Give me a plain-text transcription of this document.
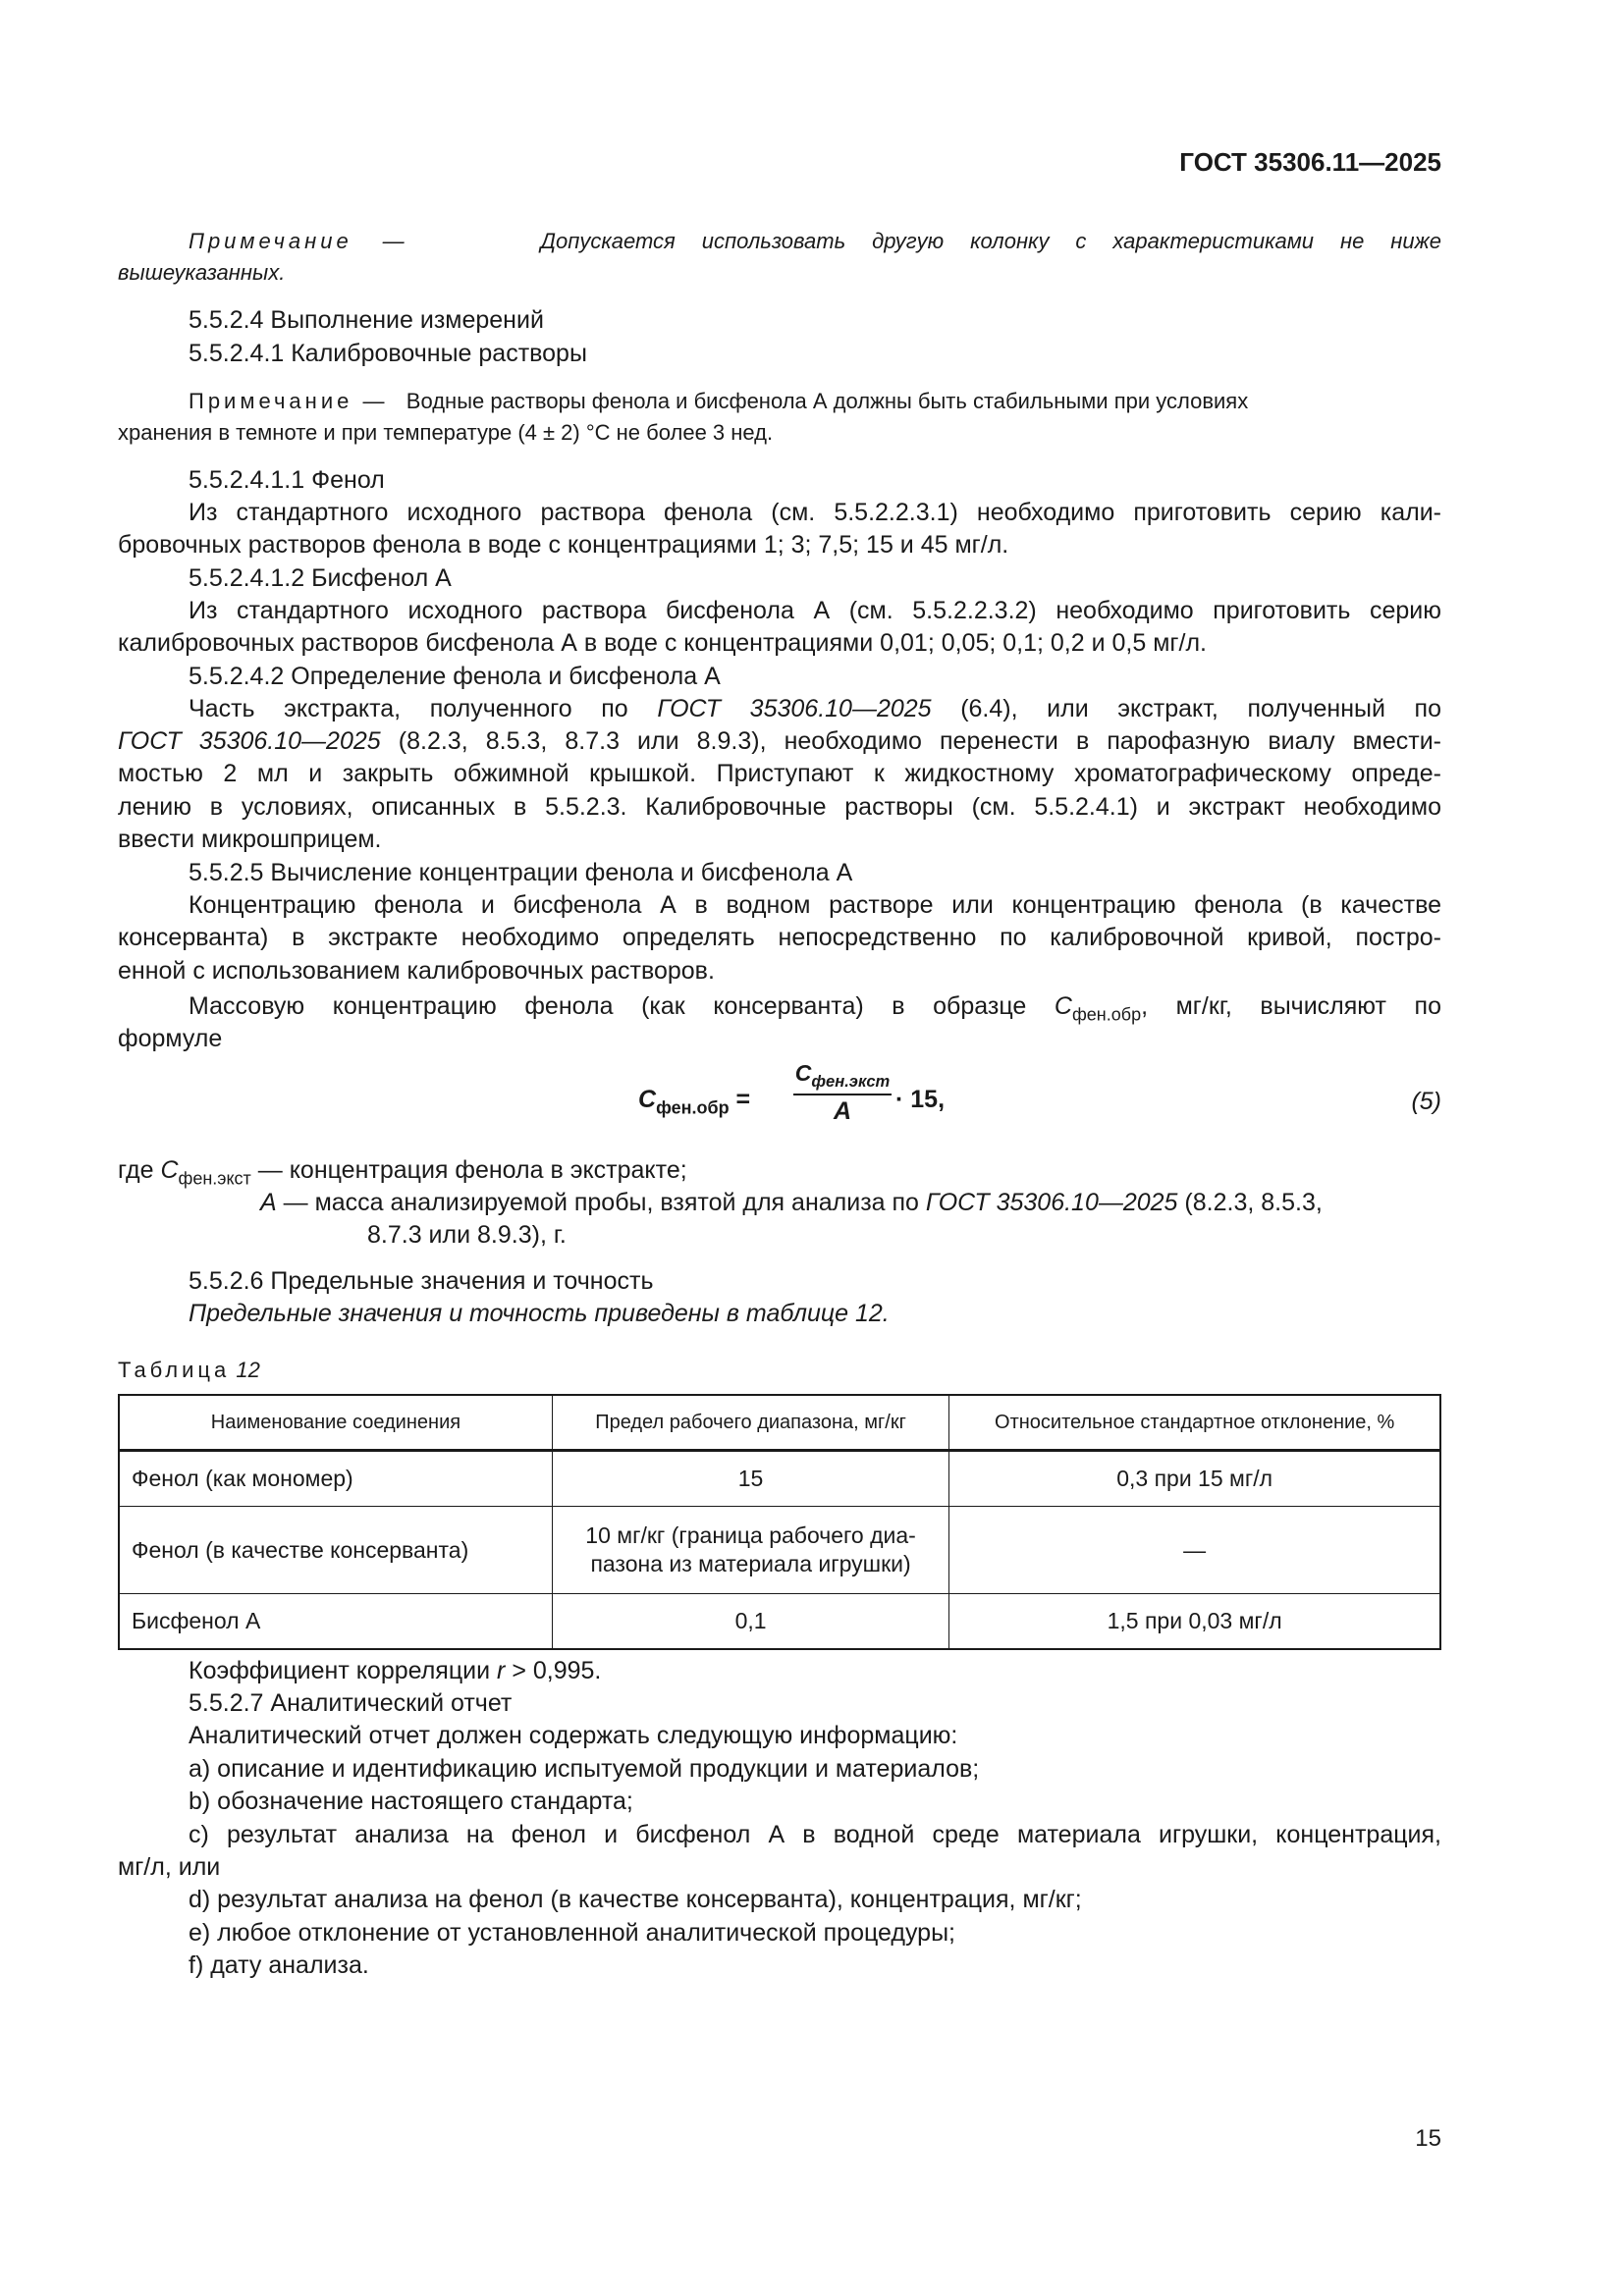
ГОСТ 35306.11—2025
Примечание —	Допускается использовать другую колонку с характеристиками не ниже
вышеуказанных.
5.5.2.4 Выполнение измерений
5.5.2.4.1 Калибровочные растворы
Примечание — Водные растворы фенола и бисфенола А должны быть стабильными при условиях
хранения в темноте и при температуре (4 ± 2) °С не более 3 нед.
5.5.2.4.1.1 Фенол
Из стандартного исходного раствора фенола (см. 5.5.2.2.3.1) необходимо приготовить серию кали-
бровочных растворов фенола в воде с концентрациями 1; 3; 7,5; 15 и 45 мг/л.
5.5.2.4.1.2 Бисфенол А
Из стандартного исходного раствора бисфенола А (см. 5.5.2.2.3.2) необходимо приготовить серию
калибровочных растворов бисфенола А в воде с концентрациями 0,01; 0,05; 0,1; 0,2 и 0,5 мг/л.
5.5.2.4.2 Определение фенола и бисфенола А
Часть экстракта, полученного по ГОСТ 35306.10—2025 (6.4), или экстракт, полученный по
ГОСТ 35306.10—2025 (8.2.3, 8.5.3, 8.7.3 или 8.9.3), необходимо перенести в парофазную виалу вмести-
мостью 2 мл и закрыть обжимной крышкой. Приступают к жидкостному хроматографическому опреде-
лению в условиях, описанных в 5.5.2.3. Калибровочные растворы (см. 5.5.2.4.1) и экстракт необходимо
ввести микрошприцем.
5.5.2.5 Вычисление концентрации фенола и бисфенола А
Концентрацию фенола и бисфенола А в водном растворе или концентрацию фенола (в качестве
консерванта) в экстракте необходимо определять непосредственно по калибровочной кривой, постро-
енной с использованием калибровочных растворов.
Массовую концентрацию фенола (как консерванта) в образце $С_{фен.обр}$, мг/кг, вычисляют по
формуле
$C_{фен.обр}$ =
$C_{фен.экст}$
A	· 15,	(5)
где $С_{фен.экст}$ — концентрация фенола в экстракте;
А — масса анализируемой пробы, взятой для анализа по ГОСТ 35306.10—2025 (8.2.3, 8.5.3,
8.7.3 или 8.9.3), г.
5.5.2.6 Предельные значения и точность
Предельные значения и точность приведены в таблице 12.
Таблица 12
Наименование соединения	Предел рабочего диапазона, мг/кг	Относительное стандартное отклонение, %
Фенол (как мономер)	15	0,3 при 15 мг/л
Фенол (в качестве консерванта)	10 мг/кг (граница рабочего диа-
пазона из материала игрушки)	—
Бисфенол А	0,1	1,5 при 0,03 мг/л
Коэффициент корреляции r > 0,995.
5.5.2.7 Аналитический отчет
Аналитический отчет должен содержать следующую информацию:
a) описание и идентификацию испытуемой продукции и материалов;
b) обозначение настоящего стандарта;
c) результат анализа на фенол и бисфенол А в водной среде материала игрушки, концентрация,
мг/л, или
d) результат анализа на фенол (в качестве консерванта), концентрация, мг/кг;
e) любое отклонение от установленной аналитической процедуры;
f) дату анализа.
15
